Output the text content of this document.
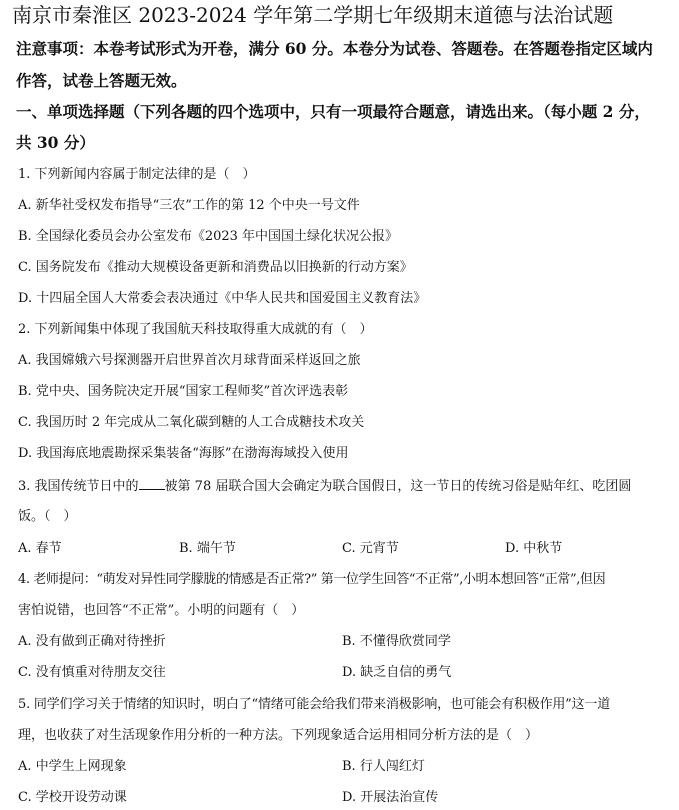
南京市秦淮区 2023-2024 学年第二学期七年级期末道德与法治试题
注意事项：本卷考试形式为开卷，满分 60 分。本卷分为试卷、答题卷。在答题卷指定区域内
作答，试卷上答题无效。
一、单项选择题（下列各题的四个选项中，只有一项最符合题意，请选出来。（每小题 2 分，
共 30 分）
1. 下列新闻内容属于制定法律的是（　）
A. 新华社受权发布指导“三农”工作的第 12 个中央一号文件
B. 全国绿化委员会办公室发布《2023 年中国国土绿化状况公报》
C. 国务院发布《推动大规模设备更新和消费品以旧换新的行动方案》
D. 十四届全国人大常委会表决通过《中华人民共和国爱国主义教育法》
2. 下列新闻集中体现了我国航天科技取得重大成就的有（　）
A. 我国嫦娥六号探测器开启世界首次月球背面采样返回之旅
B. 党中央、国务院决定开展“国家工程师奖”首次评选表彰
C. 我国历时 2 年完成从二氧化碳到糖的人工合成糖技术攻关
D. 我国海底地震勘探采集装备“海豚”在渤海海域投入使用
3. 我国传统节日中的 被第 78 届联合国大会确定为联合国假日，这一节日的传统习俗是贴年红、吃团圆
饭。（　）
A. 春节	B. 端午节	C. 元宵节	D. 中秋节
4. 老师提问：“萌发对异性同学朦胧的情感是否正常?” 第一位学生回答“不正常”,小明本想回答“正常”,但因
害怕说错，也回答“不正常”。小明的问题有（　）
A. 没有做到正确对待挫折	B. 不懂得欣赏同学
C. 没有慎重对待朋友交往	D. 缺乏自信的勇气
5. 同学们学习关于情绪的知识时，明白了“情绪可能会给我们带来消极影响，也可能会有积极作用”这一道
理，也收获了对生活现象作用分析的一种方法。下列现象适合运用相同分析方法的是（　）
A. 中学生上网现象	B. 行人闯红灯
C. 学校开设劳动课	D. 开展法治宣传
